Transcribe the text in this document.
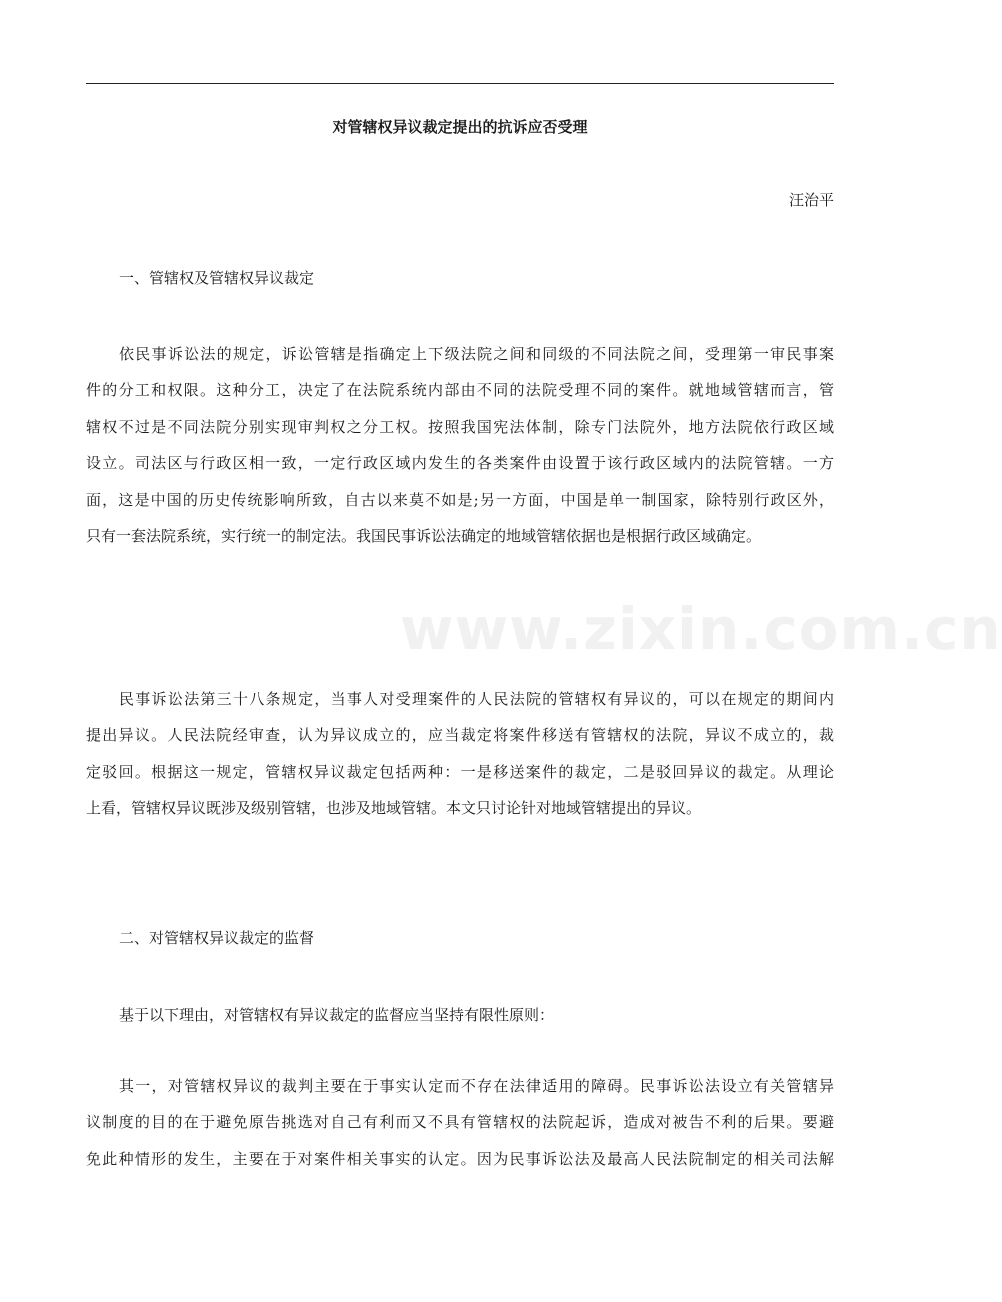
对管辖权异议裁定提出的抗诉应否受理
汪治平
一、管辖权及管辖权异议裁定
依民事诉讼法的规定，诉讼管辖是指确定上下级法院之间和同级的不同法院之间，受理第一审民事案
件的分工和权限。这种分工，决定了在法院系统内部由不同的法院受理不同的案件。就地域管辖而言，管
辖权不过是不同法院分别实现审判权之分工权。按照我国宪法体制，除专门法院外，地方法院依行政区域
设立。司法区与行政区相一致，一定行政区域内发生的各类案件由设置于该行政区域内的法院管辖。一方
面，这是中国的历史传统影响所致，自古以来莫不如是;另一方面，中国是单一制国家，除特别行政区外，
只有一套法院系统，实行统一的制定法。我国民事诉讼法确定的地域管辖依据也是根据行政区域确定。
www.zixin.com.cn
民事诉讼法第三十八条规定，当事人对受理案件的人民法院的管辖权有异议的，可以在规定的期间内
提出异议。人民法院经审查，认为异议成立的，应当裁定将案件移送有管辖权的法院，异议不成立的，裁
定驳回。根据这一规定，管辖权异议裁定包括两种：一是移送案件的裁定，二是驳回异议的裁定。从理论
上看，管辖权异议既涉及级别管辖，也涉及地域管辖。本文只讨论针对地域管辖提出的异议。
二、对管辖权异议裁定的监督
基于以下理由，对管辖权有异议裁定的监督应当坚持有限性原则：
其一，对管辖权异议的裁判主要在于事实认定而不存在法律适用的障碍。民事诉讼法设立有关管辖异
议制度的目的在于避免原告挑选对自己有利而又不具有管辖权的法院起诉，造成对被告不利的后果。要避
免此种情形的发生，主要在于对案件相关事实的认定。因为民事诉讼法及最高人民法院制定的相关司法解
